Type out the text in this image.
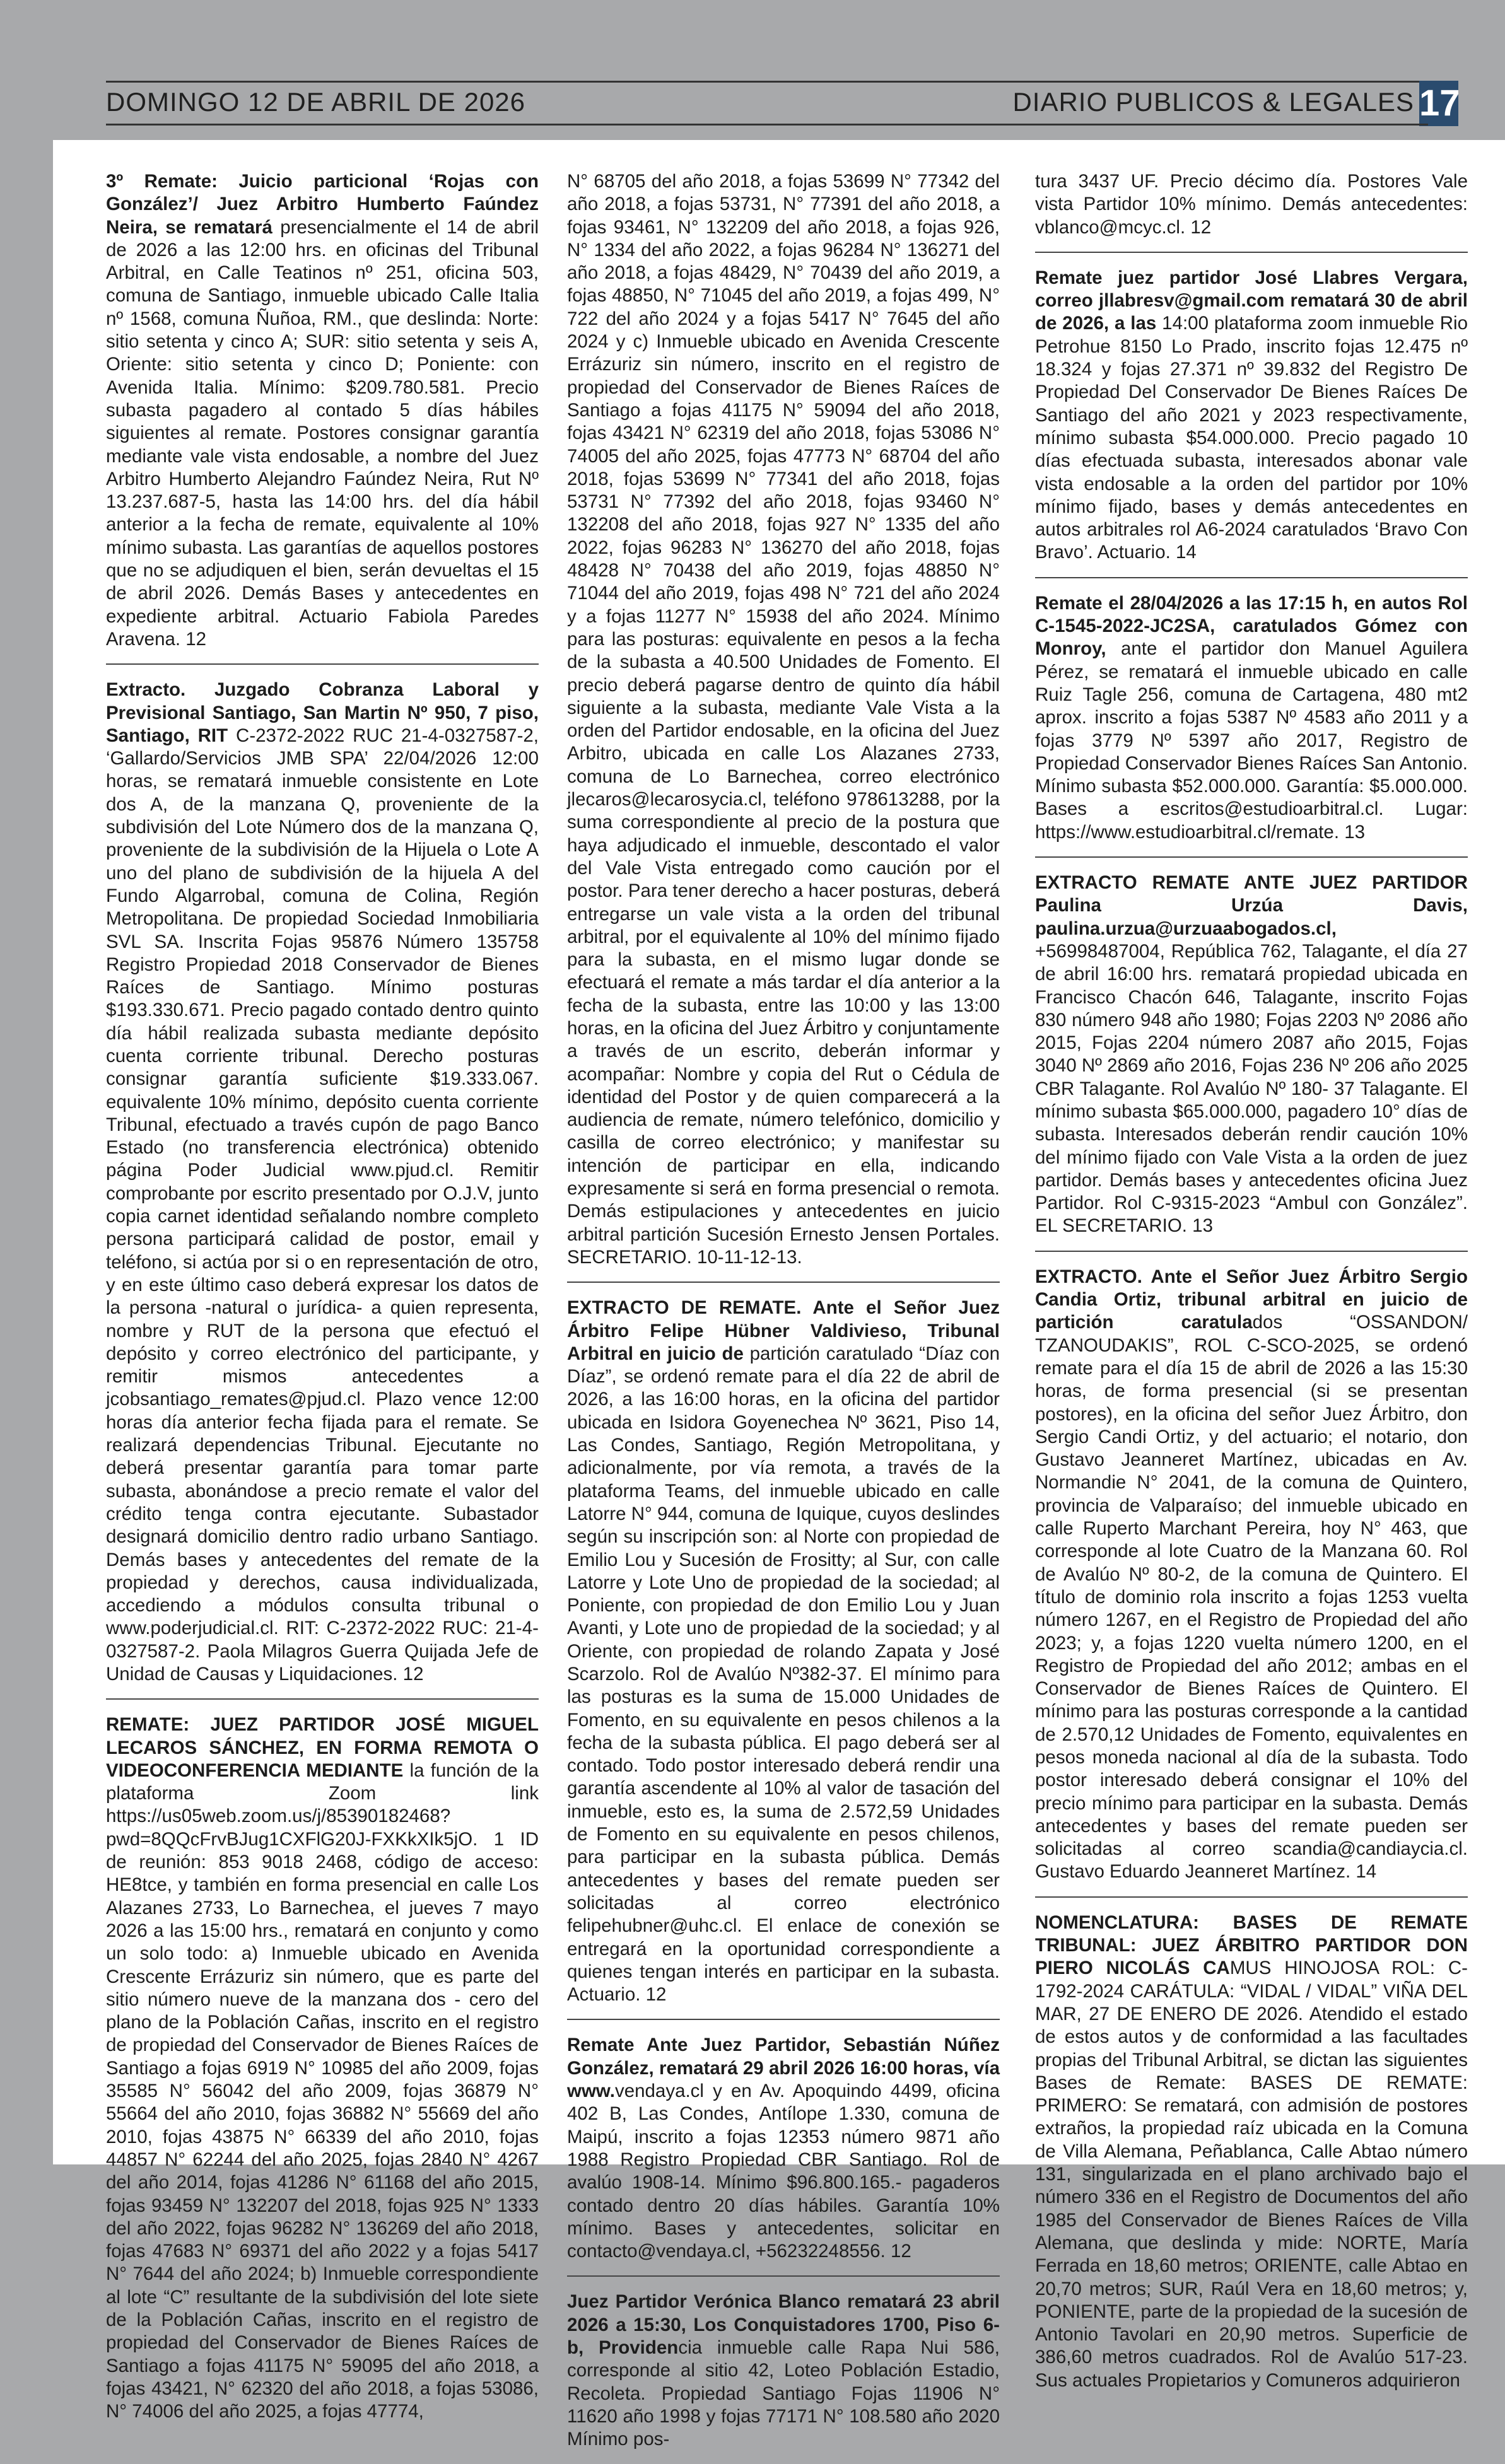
DOMINGO 12 DE ABRIL DE 2026	DIARIO PUBLICOS & LEGALES 17

3º Remate: Juicio particional ‘Rojas con González’/ Juez Arbitro Humberto Faúndez Neira, se rematará presencialmente el 14 de abril de 2026 a las 12:00 hrs. en oficinas del Tribunal Arbitral, en Calle Teatinos nº 251, oficina 503, comuna de Santiago, inmueble ubicado Calle Italia nº 1568, comuna Ñuñoa, RM., que deslinda: Norte: sitio setenta y cinco A; SUR: sitio setenta y seis A, Oriente: sitio setenta y cinco D; Poniente: con Avenida Italia. Mínimo: $209.780.581. Precio subasta pagadero al contado 5 días hábiles siguientes al remate. Postores consignar garantía mediante vale vista endosable, a nombre del Juez Arbitro Humberto Alejandro Faúndez Neira, Rut Nº 13.237.687-5, hasta las 14:00 hrs. del día hábil anterior a la fecha de remate, equivalente al 10% mínimo subasta. Las garantías de aquellos postores que no se adjudiquen el bien, serán devueltas el 15 de abril 2026. Demás Bases y antecedentes en expediente arbitral. Actuario Fabiola Paredes Aravena. 12

Extracto. Juzgado Cobranza Laboral y Previsional Santiago, San Martin Nº 950, 7 piso, Santiago, RIT C-2372-2022 RUC 21-4-0327587-2, ‘Gallardo/Servicios JMB SPA’ 22/04/2026 12:00 horas, se rematará inmueble consistente en Lote dos A, de la manzana Q, proveniente de la subdivisión del Lote Número dos de la manzana Q, proveniente de la subdivisión de la Hijuela o Lote A uno del plano de subdivisión de la hijuela A del Fundo Algarrobal, comuna de Colina, Región Metropolitana. De propiedad Sociedad Inmobiliaria SVL SA. Inscrita Fojas 95876 Número 135758 Registro Propiedad 2018 Conservador de Bienes Raíces de Santiago. Mínimo posturas $193.330.671. Precio pagado contado dentro quinto día hábil realizada subasta mediante depósito cuenta corriente tribunal. Derecho posturas consignar garantía suficiente $19.333.067. equivalente 10% mínimo, depósito cuenta corriente Tribunal, efectuado a través cupón de pago Banco Estado (no transferencia electrónica) obtenido página Poder Judicial www.pjud.cl. Remitir comprobante por escrito presentado por O.J.V, junto copia carnet identidad señalando nombre completo persona participará calidad de postor, email y teléfono, si actúa por si o en representación de otro, y en este último caso deberá expresar los datos de la persona -natural o jurídica- a quien representa, nombre y RUT de la persona que efectuó el depósito y correo electrónico del participante, y remitir mismos antecedentes a jcobsantiago_remates@pjud.cl. Plazo vence 12:00 horas día anterior fecha fijada para el remate. Se realizará dependencias Tribunal. Ejecutante no deberá presentar garantía para tomar parte subasta, abonándose a precio remate el valor del crédito tenga contra ejecutante. Subastador designará domicilio dentro radio urbano Santiago. Demás bases y antecedentes del remate de la propiedad y derechos, causa individualizada, accediendo a módulos consulta tribunal o www.poderjudicial.cl. RIT: C-2372-2022 RUC: 21-4-0327587-2. Paola Milagros Guerra Quijada Jefe de Unidad de Causas y Liquidaciones. 12

REMATE: JUEZ PARTIDOR JOSÉ MIGUEL LECAROS SÁNCHEZ, EN FORMA REMOTA O VIDEOCONFERENCIA MEDIANTE la función de la plataforma Zoom link https://us05web.zoom.us/j/85390182468?pwd=8QQcFrvBJug1CXFlG20J-FXKkXIk5jO. 1 ID de reunión: 853 9018 2468, código de acceso: HE8tce, y también en forma presencial en calle Los Alazanes 2733, Lo Barnechea, el jueves 7 mayo 2026 a las 15:00 hrs., rematará en conjunto y como un solo todo: a) Inmueble ubicado en Avenida Crescente Errázuriz sin número, que es parte del sitio número nueve de la manzana dos - cero del plano de la Población Cañas, inscrito en el registro de propiedad del Conservador de Bienes Raíces de Santiago a fojas 6919 N° 10985 del año 2009, fojas 35585 N° 56042 del año 2009, fojas 36879 N° 55664 del año 2010, fojas 36882 N° 55669 del año 2010, fojas 43875 N° 66339 del año 2010, fojas 44857 N° 62244 del año 2025, fojas 2840 N° 4267 del año 2014, fojas 41286 N° 61168 del año 2015, fojas 93459 N° 132207 del 2018, fojas 925 N° 1333 del año 2022, fojas 96282 N° 136269 del año 2018, fojas 47683 N° 69371 del año 2022 y a fojas 5417 N° 7644 del año 2024; b) Inmueble correspondiente al lote “C” resultante de la subdivisión del lote siete de la Población Cañas, inscrito en el registro de propiedad del Conservador de Bienes Raíces de Santiago a fojas 41175 N° 59095 del año 2018, a fojas 43421, N° 62320 del año 2018, a fojas 53086, N° 74006 del año 2025, a fojas 47774,

N° 68705 del año 2018, a fojas 53699 N° 77342 del año 2018, a fojas 53731, N° 77391 del año 2018, a fojas 93461, N° 132209 del año 2018, a fojas 926, N° 1334 del año 2022, a fojas 96284 N° 136271 del año 2018, a fojas 48429, N° 70439 del año 2019, a fojas 48850, N° 71045 del año 2019, a fojas 499, N° 722 del año 2024 y a fojas 5417 N° 7645 del año 2024 y c) Inmueble ubicado en Avenida Crescente Errázuriz sin número, inscrito en el registro de propiedad del Conservador de Bienes Raíces de Santiago a fojas 41175 N° 59094 del año 2018, fojas 43421 N° 62319 del año 2018, fojas 53086 N° 74005 del año 2025, fojas 47773 N° 68704 del año 2018, fojas 53699 N° 77341 del año 2018, fojas 53731 N° 77392 del año 2018, fojas 93460 N° 132208 del año 2018, fojas 927 N° 1335 del año 2022, fojas 96283 N° 136270 del año 2018, fojas 48428 N° 70438 del año 2019, fojas 48850 N° 71044 del año 2019, fojas 498 N° 721 del año 2024 y a fojas 11277 N° 15938 del año 2024. Mínimo para las posturas: equivalente en pesos a la fecha de la subasta a 40.500 Unidades de Fomento. El precio deberá pagarse dentro de quinto día hábil siguiente a la subasta, mediante Vale Vista a la orden del Partidor endosable, en la oficina del Juez Arbitro, ubicada en calle Los Alazanes 2733, comuna de Lo Barnechea, correo electrónico jlecaros@lecarosycia.cl, teléfono 978613288, por la suma correspondiente al precio de la postura que haya adjudicado el inmueble, descontado el valor del Vale Vista entregado como caución por el postor. Para tener derecho a hacer posturas, deberá entregarse un vale vista a la orden del tribunal arbitral, por el equivalente al 10% del mínimo fijado para la subasta, en el mismo lugar donde se efectuará el remate a más tardar el día anterior a la fecha de la subasta, entre las 10:00 y las 13:00 horas, en la oficina del Juez Árbitro y conjuntamente a través de un escrito, deberán informar y acompañar: Nombre y copia del Rut o Cédula de identidad del Postor y de quien comparecerá a la audiencia de remate, número telefónico, domicilio y casilla de correo electrónico; y manifestar su intención de participar en ella, indicando expresamente si será en forma presencial o remota. Demás estipulaciones y antecedentes en juicio arbitral partición Sucesión Ernesto Jensen Portales. SECRETARIO. 10-11-12-13.

EXTRACTO DE REMATE. Ante el Señor Juez Árbitro Felipe Hübner Valdivieso, Tribunal Arbitral en juicio de partición caratulado “Díaz con Díaz”, se ordenó remate para el día 22 de abril de 2026, a las 16:00 horas, en la oficina del partidor ubicada en Isidora Goyenechea Nº 3621, Piso 14, Las Condes, Santiago, Región Metropolitana, y adicionalmente, por vía remota, a través de la plataforma Teams, del inmueble ubicado en calle Latorre N° 944, comuna de Iquique, cuyos deslindes según su inscripción son: al Norte con propiedad de Emilio Lou y Sucesión de Frositty; al Sur, con calle Latorre y Lote Uno de propiedad de la sociedad; al Poniente, con propiedad de don Emilio Lou y Juan Avanti, y Lote uno de propiedad de la sociedad; y al Oriente, con propiedad de rolando Zapata y José Scarzolo. Rol de Avalúo Nº382-37. El mínimo para las posturas es la suma de 15.000 Unidades de Fomento, en su equivalente en pesos chilenos a la fecha de la subasta pública. El pago deberá ser al contado. Todo postor interesado deberá rendir una garantía ascendente al 10% al valor de tasación del inmueble, esto es, la suma de 2.572,59 Unidades de Fomento en su equivalente en pesos chilenos, para participar en la subasta pública. Demás antecedentes y bases del remate pueden ser solicitadas al correo electrónico felipehubner@uhc.cl. El enlace de conexión se entregará en la oportunidad correspondiente a quienes tengan interés en participar en la subasta. Actuario. 12

Remate Ante Juez Partidor, Sebastián Núñez González, rematará 29 abril 2026 16:00 horas, vía www.vendaya.cl y en Av. Apoquindo 4499, oficina 402 B, Las Condes, Antílope 1.330, comuna de Maipú, inscrito a fojas 12353 número 9871 año 1988 Registro Propiedad CBR Santiago. Rol de avalúo 1908-14. Mínimo $96.800.165.- pagaderos contado dentro 20 días hábiles. Garantía 10% mínimo. Bases y antecedentes, solicitar en contacto@vendaya.cl, +56232248556. 12

Juez Partidor Verónica Blanco rematará 23 abril 2026 a 15:30, Los Conquistadores 1700, Piso 6-b, Providencia inmueble calle Rapa Nui 586, corresponde al sitio 42, Loteo Población Estadio, Recoleta. Propiedad Santiago Fojas 11906 N° 11620 año 1998 y fojas 77171 N° 108.580 año 2020 Mínimo pos-

tura 3437 UF. Precio décimo día. Postores Vale vista Partidor 10% mínimo. Demás antecedentes: vblanco@mcyc.cl. 12

Remate juez partidor José Llabres Vergara, correo jllabresv@gmail.com rematará 30 de abril de 2026, a las 14:00 plataforma zoom inmueble Rio Petrohue 8150 Lo Prado, inscrito fojas 12.475 nº 18.324 y fojas 27.371 nº 39.832 del Registro De Propiedad Del Conservador De Bienes Raíces De Santiago del año 2021 y 2023 respectivamente, mínimo subasta $54.000.000. Precio pagado 10 días efectuada subasta, interesados abonar vale vista endosable a la orden del partidor por 10% mínimo fijado, bases y demás antecedentes en autos arbitrales rol A6-2024 caratulados ‘Bravo Con Bravo’. Actuario. 14

Remate el 28/04/2026 a las 17:15 h, en autos Rol C-1545-2022-JC2SA, caratulados Gómez con Monroy, ante el partidor don Manuel Aguilera Pérez, se rematará el inmueble ubicado en calle Ruiz Tagle 256, comuna de Cartagena, 480 mt2 aprox. inscrito a fojas 5387 Nº 4583 año 2011 y a fojas 3779 Nº 5397 año 2017, Registro de Propiedad Conservador Bienes Raíces San Antonio. Mínimo subasta $52.000.000. Garantía: $5.000.000. Bases a escritos@estudioarbitral.cl. Lugar: https://www.estudioarbitral.cl/remate. 13

EXTRACTO REMATE ANTE JUEZ PARTIDOR Paulina Urzúa Davis, paulina.urzua@urzuaabogados.cl, +56998487004, República 762, Talagante, el día 27 de abril 16:00 hrs. rematará propiedad ubicada en Francisco Chacón 646, Talagante, inscrito Fojas 830 número 948 año 1980; Fojas 2203 Nº 2086 año 2015, Fojas 2204 número 2087 año 2015, Fojas 3040 Nº 2869 año 2016, Fojas 236 Nº 206 año 2025 CBR Talagante. Rol Avalúo Nº 180- 37 Talagante. El mínimo subasta $65.000.000, pagadero 10° días de subasta. Interesados deberán rendir caución 10% del mínimo fijado con Vale Vista a la orden de juez partidor. Demás bases y antecedentes oficina Juez Partidor. Rol C-9315-2023 “Ambul con González”. EL SECRETARIO. 13

EXTRACTO. Ante el Señor Juez Árbitro Sergio Candia Ortiz, tribunal arbitral en juicio de partición caratulados “OSSANDON/ TZANOUDAKIS”, ROL C-SCO-2025, se ordenó remate para el día 15 de abril de 2026 a las 15:30 horas, de forma presencial (si se presentan postores), en la oficina del señor Juez Árbitro, don Sergio Candi Ortiz, y del actuario; el notario, don Gustavo Jeanneret Martínez, ubicadas en Av. Normandie N° 2041, de la comuna de Quintero, provincia de Valparaíso; del inmueble ubicado en calle Ruperto Marchant Pereira, hoy N° 463, que corresponde al lote Cuatro de la Manzana 60. Rol de Avalúo Nº 80-2, de la comuna de Quintero. El título de dominio rola inscrito a fojas 1253 vuelta número 1267, en el Registro de Propiedad del año 2023; y, a fojas 1220 vuelta número 1200, en el Registro de Propiedad del año 2012; ambas en el Conservador de Bienes Raíces de Quintero. El mínimo para las posturas corresponde a la cantidad de 2.570,12 Unidades de Fomento, equivalentes en pesos moneda nacional al día de la subasta. Todo postor interesado deberá consignar el 10% del precio mínimo para participar en la subasta. Demás antecedentes y bases del remate pueden ser solicitadas al correo scandia@candiaycia.cl. Gustavo Eduardo Jeanneret Martínez. 14

NOMENCLATURA: BASES DE REMATE TRIBUNAL: JUEZ ÁRBITRO PARTIDOR DON PIERO NICOLÁS CAMUS HINOJOSA ROL: C-1792-2024 CARÁTULA: “VIDAL / VIDAL” VIÑA DEL MAR, 27 DE ENERO DE 2026. Atendido el estado de estos autos y de conformidad a las facultades propias del Tribunal Arbitral, se dictan las siguientes Bases de Remate: BASES DE REMATE: PRIMERO: Se rematará, con admisión de postores extraños, la propiedad raíz ubicada en la Comuna de Villa Alemana, Peñablanca, Calle Abtao número 131, singularizada en el plano archivado bajo el número 336 en el Registro de Documentos del año 1985 del Conservador de Bienes Raíces de Villa Alemana, que deslinda y mide: NORTE, María Ferrada en 18,60 metros; ORIENTE, calle Abtao en 20,70 metros; SUR, Raúl Vera en 18,60 metros; y, PONIENTE, parte de la propiedad de la sucesión de Antonio Tavolari en 20,90 metros. Superficie de 386,60 metros cuadrados. Rol de Avalúo 517-23. Sus actuales Propietarios y Comuneros adquirieron
